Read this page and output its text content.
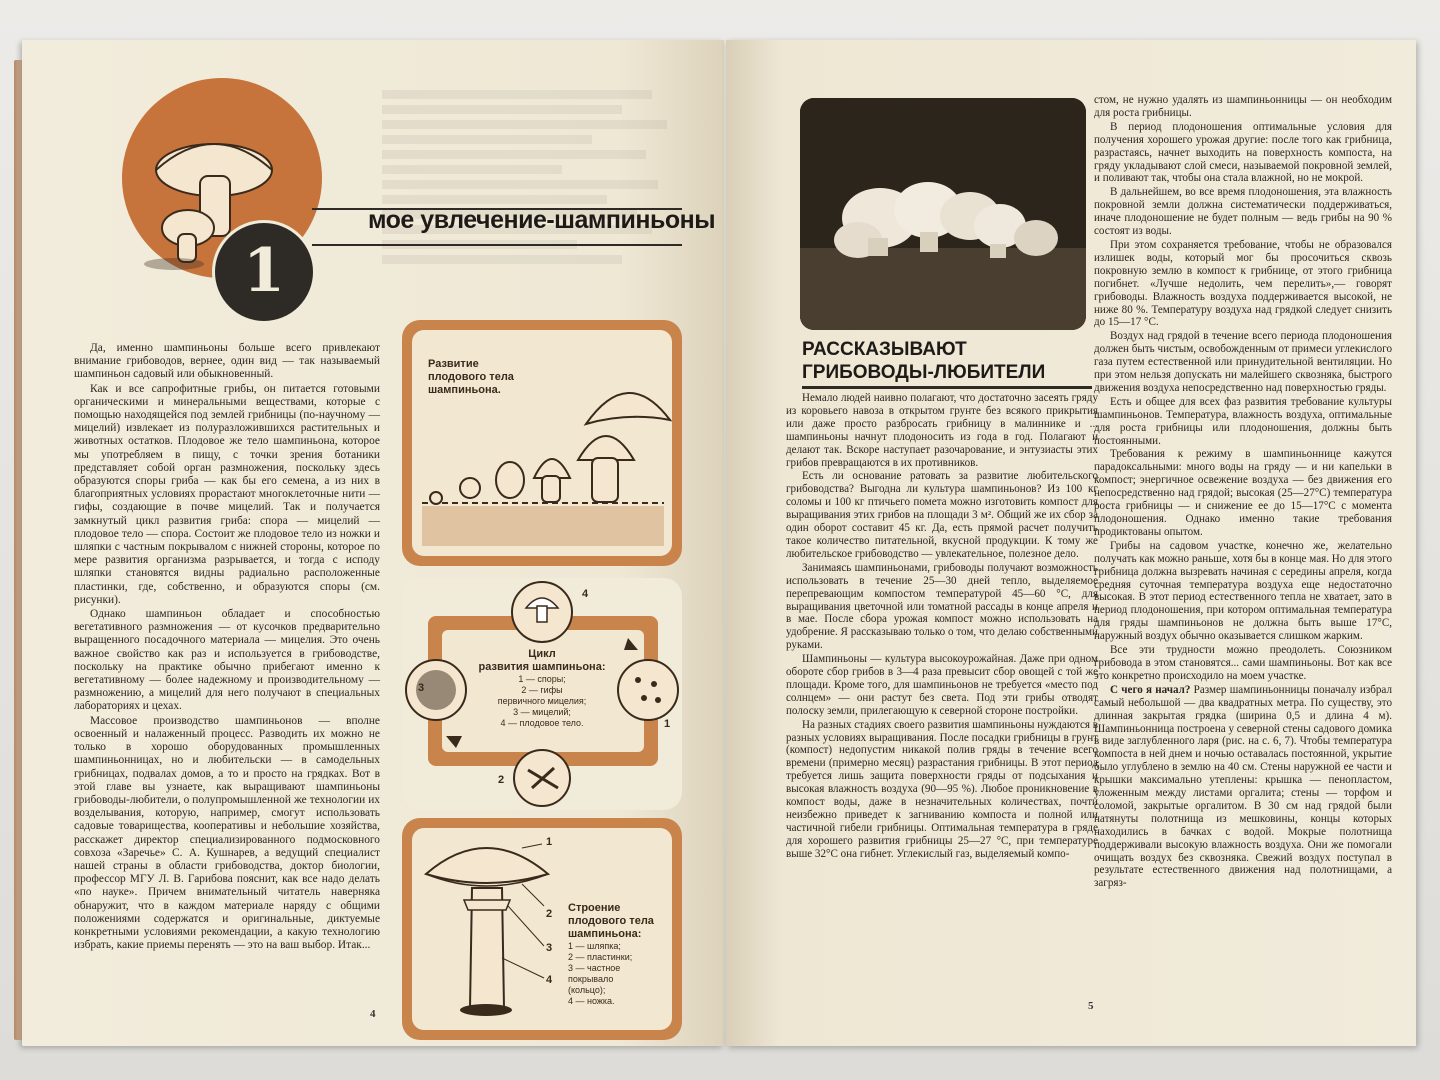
1
мое увлечение-шампиньоны

Да, именно шампиньоны больше всего привлекают внимание грибоводов, вернее, один вид — так называемый шампиньон садовый или обыкновенный.

Как и все сапрофитные грибы, он питается готовыми органическими и минеральными веществами, которые с помощью находящейся под землей грибницы (по-научному — мицелий) извлекает из полуразложившихся растительных и животных остатков. Плодовое же тело шампиньона, которое мы употребляем в пищу, с точки зрения ботаники представляет собой орган размножения, поскольку здесь образуются споры гриба — как бы его семена, а из них в благоприятных условиях прорастают многоклеточные нити — гифы, создающие в почве мицелий. Так и получается замкнутый цикл развития гриба: спора — мицелий — плодовое тело — спора. Состоит же плодовое тело из ножки и шляпки с частным покрывалом с нижней стороны, которое по мере развития организма разрывается, и тогда с исподу шляпки становятся видны радиально расположенные пластинки, где, собственно, и образуются споры (см. рисунки).

Однако шампиньон обладает и способностью вегетативного размножения — от кусочков предварительно выращенного посадочного материала — мицелия. Это очень важное свойство как раз и используется в грибоводстве, поскольку на практике обычно прибегают именно к вегетативному — более надежному и производительному — размножению, а мицелий для него получают в специальных лабораториях и цехах.

Массовое производство шампиньонов — вполне освоенный и налаженный процесс. Разводить их можно не только в хорошо оборудованных промышленных шампиньонницах, но и любительски — в самодельных грибницах, подвалах домов, а то и просто на грядках. Вот в этой главе вы узнаете, как выращивают шампиньоны грибоводы-любители, о полупромышленной же технологии их возделывания, которую, например, смогут использовать садовые товарищества, кооперативы и небольшие хозяйства, расскажет директор специализированного подмосковного совхоза «Заречье» С. А. Кушнарев, а ведущий специалист нашей страны в области грибоводства, доктор биологии, профессор МГУ Л. В. Гарибова пояснит, как все надо делать «по науке». Причем внимательный читатель наверняка обнаружит, что в каждом материале наряду с общими положениями содержатся и оригинальные, диктуемые конкретными условиями рекомендации, а какую технологию избрать, какие приемы перенять — это на ваш выбор. Итак...

Развитие
плодового тела
шампиньона.
3
4
1
2
Цикл
развития шампиньона:
1 — споры;
2 — гифы
первичного мицелия;
3 — мицелий;
4 — плодовое тело.
1
2
3
4
Строение
плодового тела
шампиньона:
1 — шляпка;
2 — пластинки;
3 — частное
покрывало
(кольцо);
4 — ножка.
4
РАССКАЗЫВАЮТ
ГРИБОВОДЫ-ЛЮБИТЕЛИ

Немало людей наивно полагают, что достаточно засеять гряду из коровьего навоза в открытом грунте без всякого прикрытия или даже просто разбросать грибницу в малиннике и ... шампиньоны начнут плодоносить из года в год. Полагают и делают так. Вскоре наступает разочарование, и энтузиасты этих грибов превращаются в их противников.

Есть ли основание ратовать за развитие любительского грибоводства? Выгодна ли культура шампиньонов? Из 100 кг соломы и 100 кг птичьего помета можно изготовить компост для выращивания этих грибов на площади 3 м². Общий же их сбор за один оборот составит 45 кг. Да, есть прямой расчет получить такое количество питательной, вкусной продукции. К тому же любительское грибоводство — увлекательное, полезное дело.

Занимаясь шампиньонами, грибоводы получают возможность использовать в течение 25—30 дней тепло, выделяемое перепревающим компостом температурой 45—60 °С, для выращивания цветочной или томатной рассады в конце апреля и в мае. После сбора урожая компост можно использовать на удобрение. Я рассказываю только о том, что делаю собственными руками.

Шампиньоны — культура высокоурожайная. Даже при одном обороте сбор грибов в 3—4 раза превысит сбор овощей с той же площади. Кроме того, для шампиньонов не требуется «место под солнцем» — они растут без света. Под эти грибы отводят полоску земли, прилегающую к северной стороне постройки.

На разных стадиях своего развития шампиньоны нуждаются в разных условиях выращивания. После посадки грибницы в грунт (компост) недопустим никакой полив гряды в течение всего времени (примерно месяц) разрастания грибницы. В этот период требуется лишь защита поверхности гряды от подсыхания и высокая влажность воздуха (90—95 %). Любое проникновение в компост воды, даже в незначительных количествах, почти неизбежно приведет к загниванию компоста и полной или частичной гибели грибницы. Оптимальная температура в гряде для хорошего развития грибницы 25—27 °С, при температуре выше 32°С она гибнет. Углекислый газ, выделяемый компо-

стом, не нужно удалять из шампиньонницы — он необходим для роста грибницы.

В период плодоношения оптимальные условия для получения хорошего урожая другие: после того как грибница, разрастаясь, начнет выходить на поверхность компоста, на гряду укладывают слой смеси, называемой покровной землей, и поливают так, чтобы она стала влажной, но не мокрой.

В дальнейшем, во все время плодоношения, эта влажность покровной земли должна систематически поддерживаться, иначе плодоношение не будет полным — ведь грибы на 90 % состоят из воды.

При этом сохраняется требование, чтобы не образовался излишек воды, который мог бы просочиться сквозь покровную землю в компост к грибнице, от этого грибница погибнет. «Лучше недолить, чем перелить»,— говорят грибоводы. Влажность воздуха поддерживается высокой, не ниже 80 %. Температуру воздуха над грядкой следует снизить до 15—17 °С.

Воздух над грядой в течение всего периода плодоношения должен быть чистым, освобожденным от примеси углекислого газа путем естественной или принудительной вентиляции. Но при этом нельзя допускать ни малейшего сквозняка, быстрого движения воздуха непосредственно над поверхностью гряды.

Есть и общее для всех фаз развития требование культуры шампиньонов. Температура, влажность воздуха, оптимальные для роста грибницы или плодоношения, должны быть постоянными.

Требования к режиму в шампиньоннице кажутся парадоксальными: много воды на гряду — и ни капельки в компост; энергичное освежение воздуха — без движения его непосредственно над грядой; высокая (25—27°С) температура роста грибницы — и снижение ее до 15—17°С с момента плодоношения. Однако именно такие требования продиктованы опытом.

Грибы на садовом участке, конечно же, желательно получать как можно раньше, хотя бы в конце мая. Но для этого грибница должна вызревать начиная с середины апреля, когда средняя суточная температура воздуха еще недостаточно высокая. В этот период естественного тепла не хватает, зато в период плодоношения, при котором оптимальная температура для гряды шампиньонов не должна быть выше 17°С, наружный воздух обычно оказывается слишком жарким.

Все эти трудности можно преодолеть. Союзником грибовода в этом становятся... сами шампиньоны. Вот как все это конкретно происходило на моем участке.

С чего я начал? Размер шампиньонницы поначалу избрал самый небольшой — два квадратных метра. По существу, это длинная закрытая грядка (ширина 0,5 и длина 4 м). Шампиньонница построена у северной стены садового домика в виде заглубленного ларя (рис. на с. 6, 7). Чтобы температура компоста в ней днем и ночью оставалась постоянной, укрытие было углублено в землю на 40 см. Стены наружной ее части и крышки максимально утеплены: крышка — пенопластом, уложенным между листами оргалита; стены — торфом и соломой, закрытые оргалитом. В 30 см над грядой были натянуты полотнища из мешковины, концы которых находились в бачках с водой. Мокрые полотнища поддерживали высокую влажность воздуха. Они же помогали очищать воздух без сквозняка. Свежий воздух поступал в результате естественного движения над полотнищами, а загряз-

5
